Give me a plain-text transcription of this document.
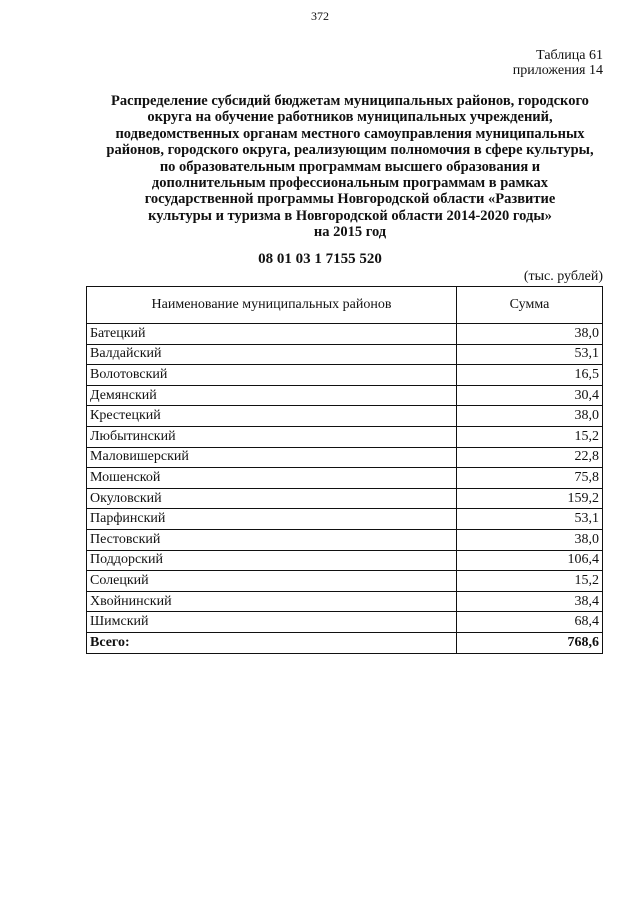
372
Таблица 61
приложения 14
Распределение субсидий бюджетам муниципальных районов, городского
округа на обучение работников муниципальных учреждений,
подведомственных органам местного самоуправления муниципальных
районов, городского округа, реализующим полномочия в сфере культуры,
по образовательным программам высшего образования и
дополнительным профессиональным программам в рамках
государственной программы Новгородской области «Развитие
культуры и туризма в Новгородской области 2014-2020 годы»
на 2015 год
08 01 03 1 7155 520
(тыс. рублей)
Наименование муниципальных районов	Сумма
Батецкий	38,0
Валдайский	53,1
Волотовский	16,5
Демянский	30,4
Крестецкий	38,0
Любытинский	15,2
Маловишерский	22,8
Мошенской	75,8
Окуловский	159,2
Парфинский	53,1
Пестовский	38,0
Поддорский	106,4
Солецкий	15,2
Хвойнинский	38,4
Шимский	68,4
Всего:	768,6
